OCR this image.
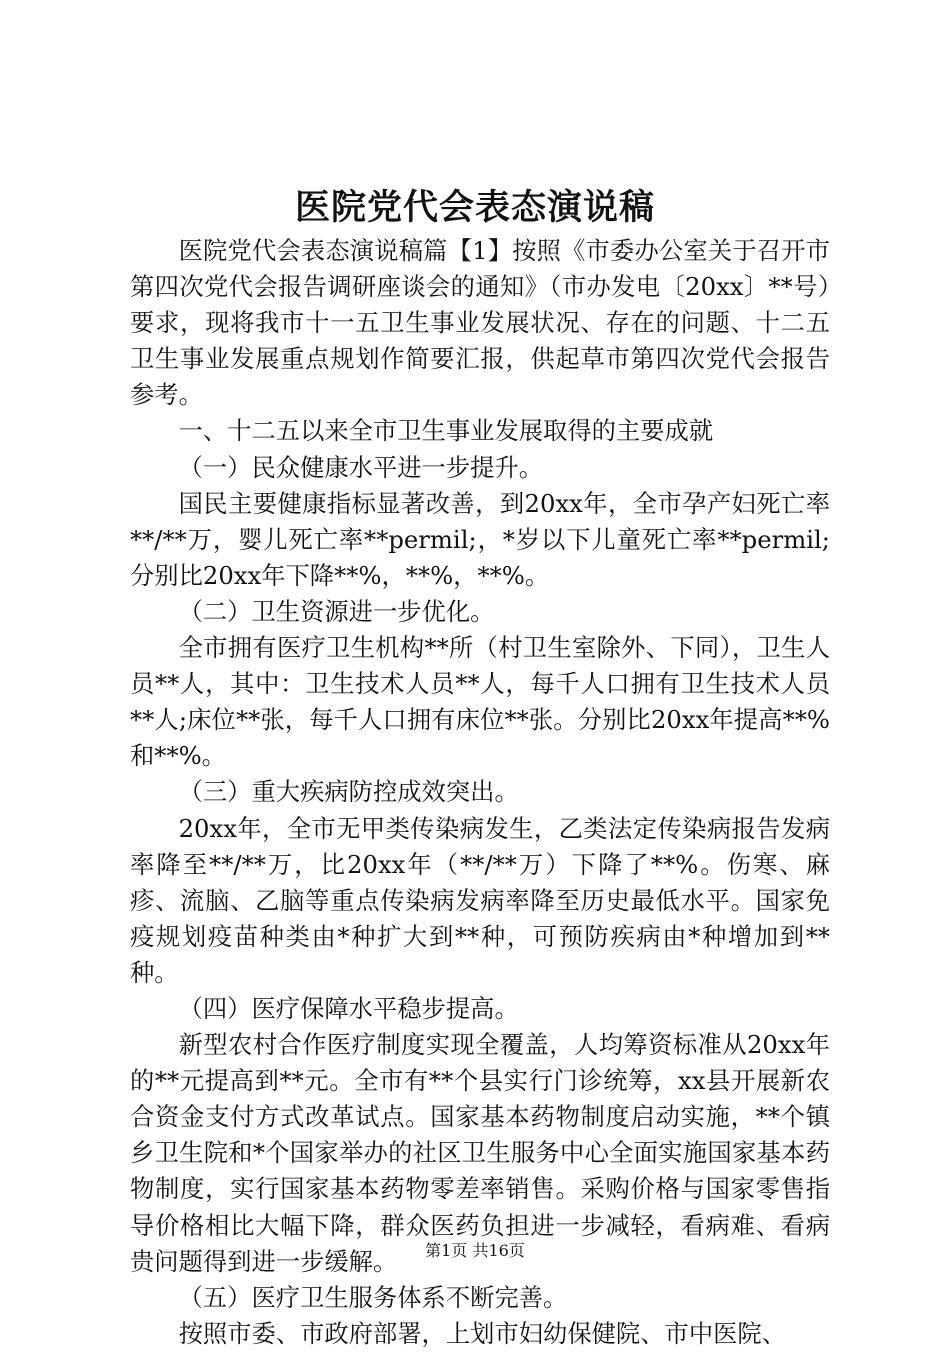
医院党代会表态演说稿

医院党代会表态演说稿篇【1】按照《市委办公室关于召开市第四次党代会报告调研座谈会的通知》（市办发电〔20xx〕**号）要求，现将我市十一五卫生事业发展状况、存在的问题、十二五卫生事业发展重点规划作简要汇报，供起草市第四次党代会报告参考。

一、十二五以来全市卫生事业发展取得的主要成就

（一）民众健康水平进一步提升。

国民主要健康指标显著改善，到20xx年，全市孕产妇死亡率**/**万，婴儿死亡率**permil;，*岁以下儿童死亡率**permil;分别比20xx年下降**%，**%，**%。

（二）卫生资源进一步优化。

全市拥有医疗卫生机构**所（村卫生室除外、下同），卫生人员**人，其中：卫生技术人员**人，每千人口拥有卫生技术人员**人;床位**张，每千人口拥有床位**张。分别比20xx年提高**%和**%。

（三）重大疾病防控成效突出。

20xx年，全市无甲类传染病发生，乙类法定传染病报告发病率降至**/**万，比20xx年（**/**万）下降了**%。伤寒、麻疹、流脑、乙脑等重点传染病发病率降至历史最低水平。国家免疫规划疫苗种类由*种扩大到**种，可预防疾病由*种增加到**种。

（四）医疗保障水平稳步提高。

新型农村合作医疗制度实现全覆盖，人均筹资标准从20xx年的**元提高到**元。全市有**个县实行门诊统筹，xx县开展新农合资金支付方式改革试点。国家基本药物制度启动实施，**个镇乡卫生院和*个国家举办的社区卫生服务中心全面实施国家基本药物制度，实行国家基本药物零差率销售。采购价格与国家零售指导价格相比大幅下降，群众医药负担进一步减轻，看病难、看病贵问题得到进一步缓解。

（五）医疗卫生服务体系不断完善。

按照市委、市政府部署，上划市妇幼保健院、市中医院、

第1页 共16页
